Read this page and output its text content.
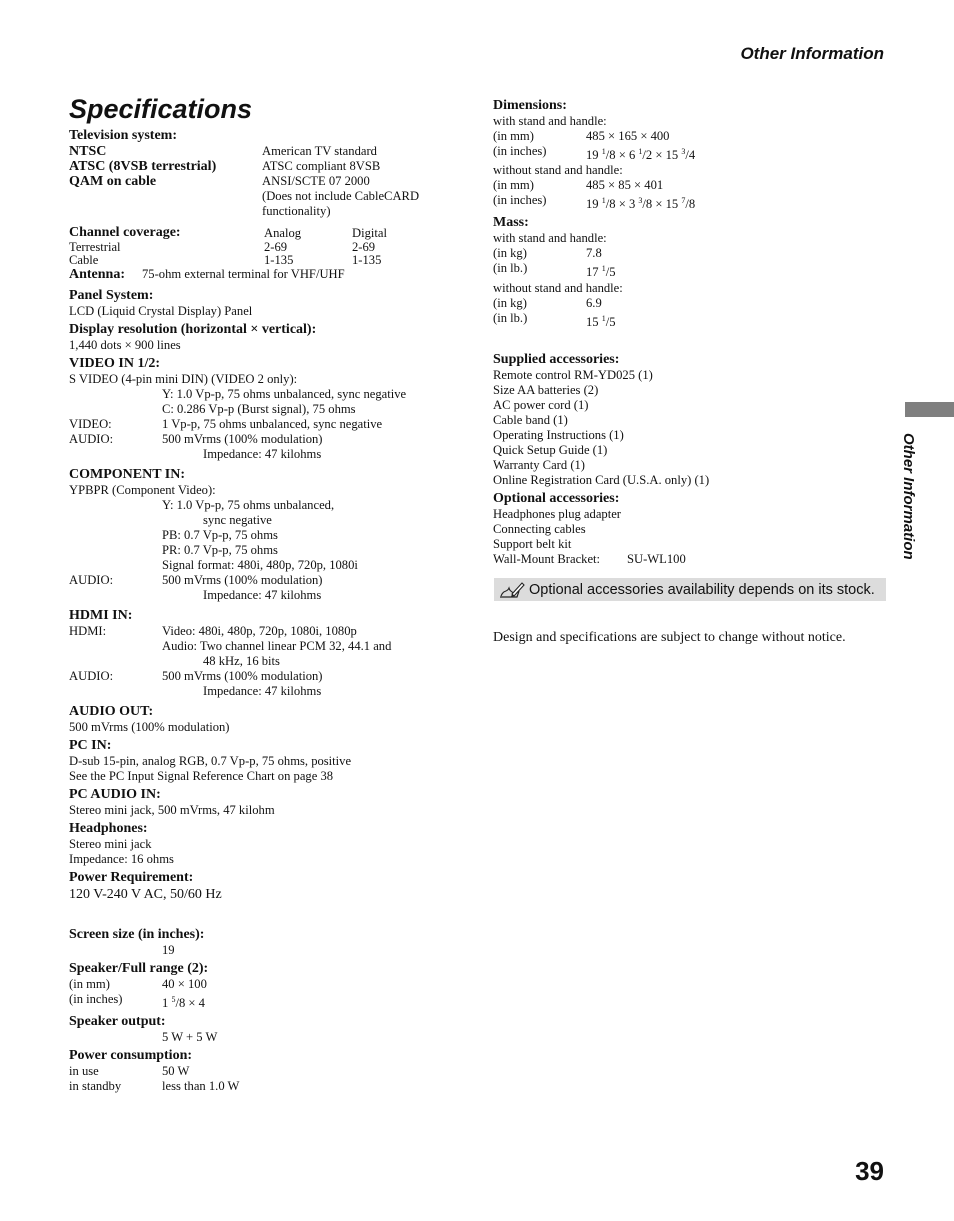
Other Information
Other Information
Specifications
Television system:
NTSC	American TV standard
ATSC (8VSB terrestrial)	ATSC compliant 8VSB
QAM on cable	ANSI/SCTE 07 2000
(Does not include CableCARD
functionality)
Channel coverage:	Analog	Digital
Terrestrial	2-69	2-69
Cable	1-135	1-135
Antenna:	75-ohm external terminal for VHF/UHF
Panel System:
LCD (Liquid Crystal Display) Panel
Display resolution (horizontal × vertical):
1,440 dots × 900 lines
VIDEO IN 1/2:
S VIDEO (4-pin mini DIN) (VIDEO 2 only):
Y: 1.0 Vp-p, 75 ohms unbalanced, sync negative
C: 0.286 Vp-p (Burst signal), 75 ohms
VIDEO:	1 Vp-p, 75 ohms unbalanced, sync negative
AUDIO:	500 mVrms (100% modulation)
Impedance: 47 kilohms
COMPONENT IN:
YPBPR (Component Video):
Y: 1.0 Vp-p, 75 ohms unbalanced,
sync negative
PB: 0.7 Vp-p, 75 ohms
PR: 0.7 Vp-p, 75 ohms
Signal format: 480i, 480p, 720p, 1080i
AUDIO:	500 mVrms (100% modulation)
Impedance: 47 kilohms
HDMI IN:
HDMI:	Video: 480i, 480p, 720p, 1080i, 1080p
Audio: Two channel linear PCM 32, 44.1 and
48 kHz, 16 bits
AUDIO:	500 mVrms (100% modulation)
Impedance: 47 kilohms
AUDIO OUT:
500 mVrms (100% modulation)
PC IN:
D-sub 15-pin, analog RGB, 0.7 Vp-p, 75 ohms, positive
See the PC Input Signal Reference Chart on page 38
PC AUDIO IN:
Stereo mini jack, 500 mVrms, 47 kilohm
Headphones:
Stereo mini jack
Impedance: 16 ohms
Power Requirement:
120 V-240 V AC, 50/60 Hz
Screen size (in inches):
19
Speaker/Full range (2):
(in mm)	40 × 100
(in inches)	1 $^5$/8 × 4
Speaker output:
5 W + 5 W
Power consumption:
in use	50 W
in standby	less than 1.0 W
Dimensions:
with stand and handle:
(in mm)	485 × 165 × 400
(in inches)	19 $^1$/8 × 6 $^1$/2 × 15 $^3$/4
without stand and handle:
(in mm)	485 × 85 × 401
(in inches)	19 $^1$/8 × 3 $^3$/8 × 15 $^7$/8
Mass:
with stand and handle:
(in kg)	7.8
(in lb.)	17 $^1$/5
without stand and handle:
(in kg)	6.9
(in lb.)	15 $^1$/5
Supplied accessories:
Remote control RM-YD025 (1)
Size AA batteries (2)
AC power cord (1)
Cable band (1)
Operating Instructions (1)
Quick Setup Guide (1)
Warranty Card (1)
Online Registration Card (U.S.A. only) (1)
Optional accessories:
Headphones plug adapter
Connecting cables
Support belt kit
Wall-Mount Bracket:	SU-WL100
Optional accessories availability depends on its stock.
Design and specifications are subject to change without notice.
39
